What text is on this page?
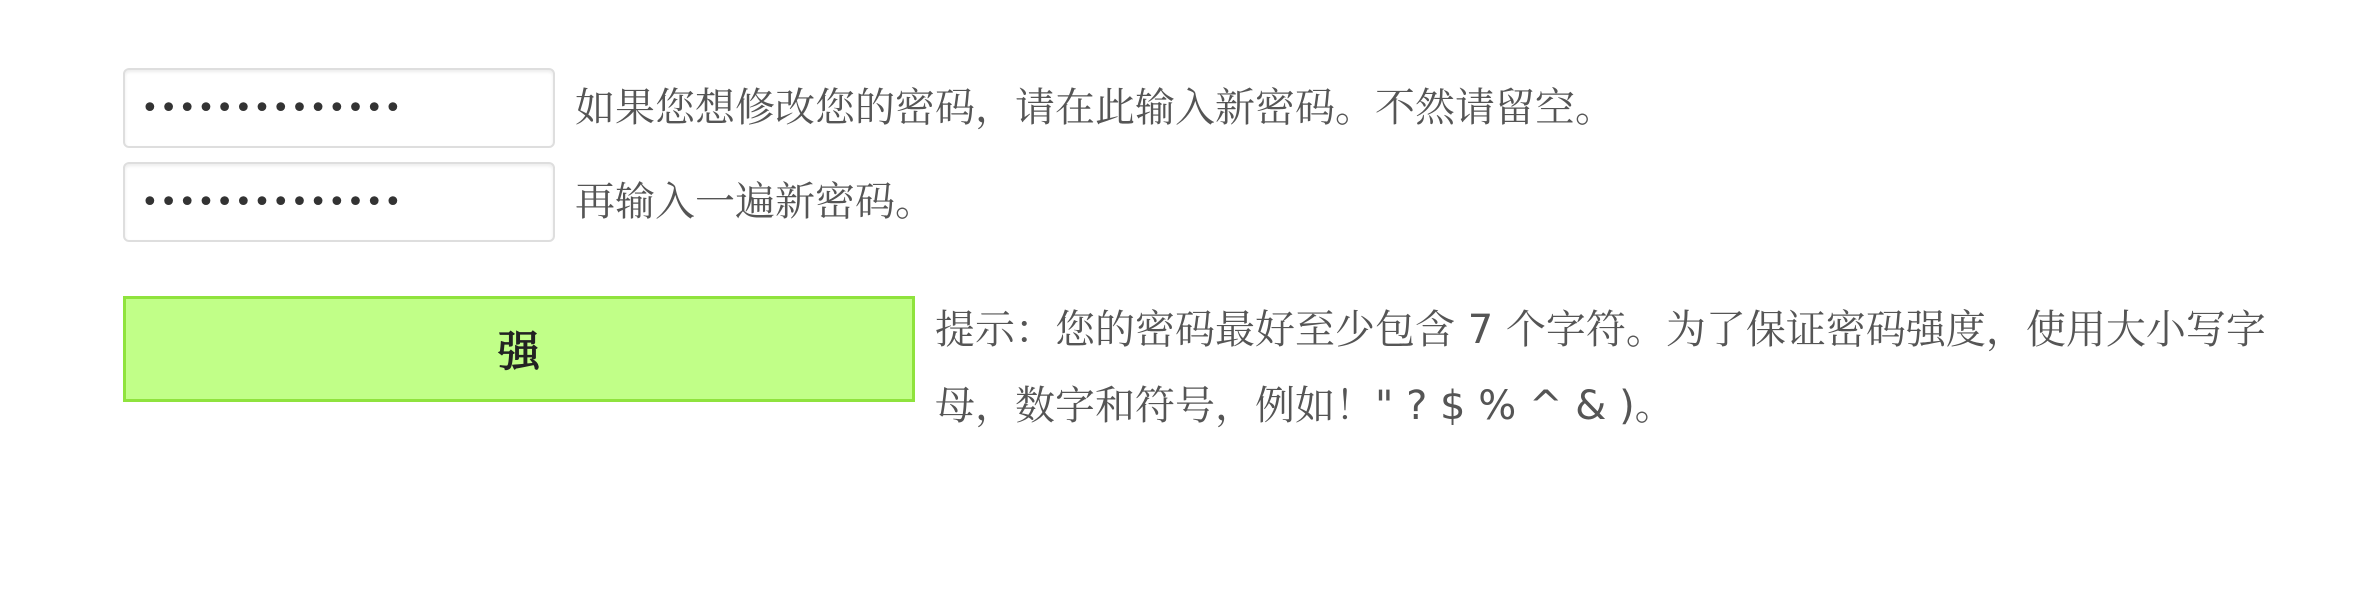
••••••••••••••
如果您想修改您的密码，请在此输入新密码。不然请留空。
••••••••••••••
再输入一遍新密码。
强	提示：您的密码最好至少包含 7 个字符。为了保证密码强度，使用大小写字母，数字和符号，例如！" ? $ % ^ & )。
